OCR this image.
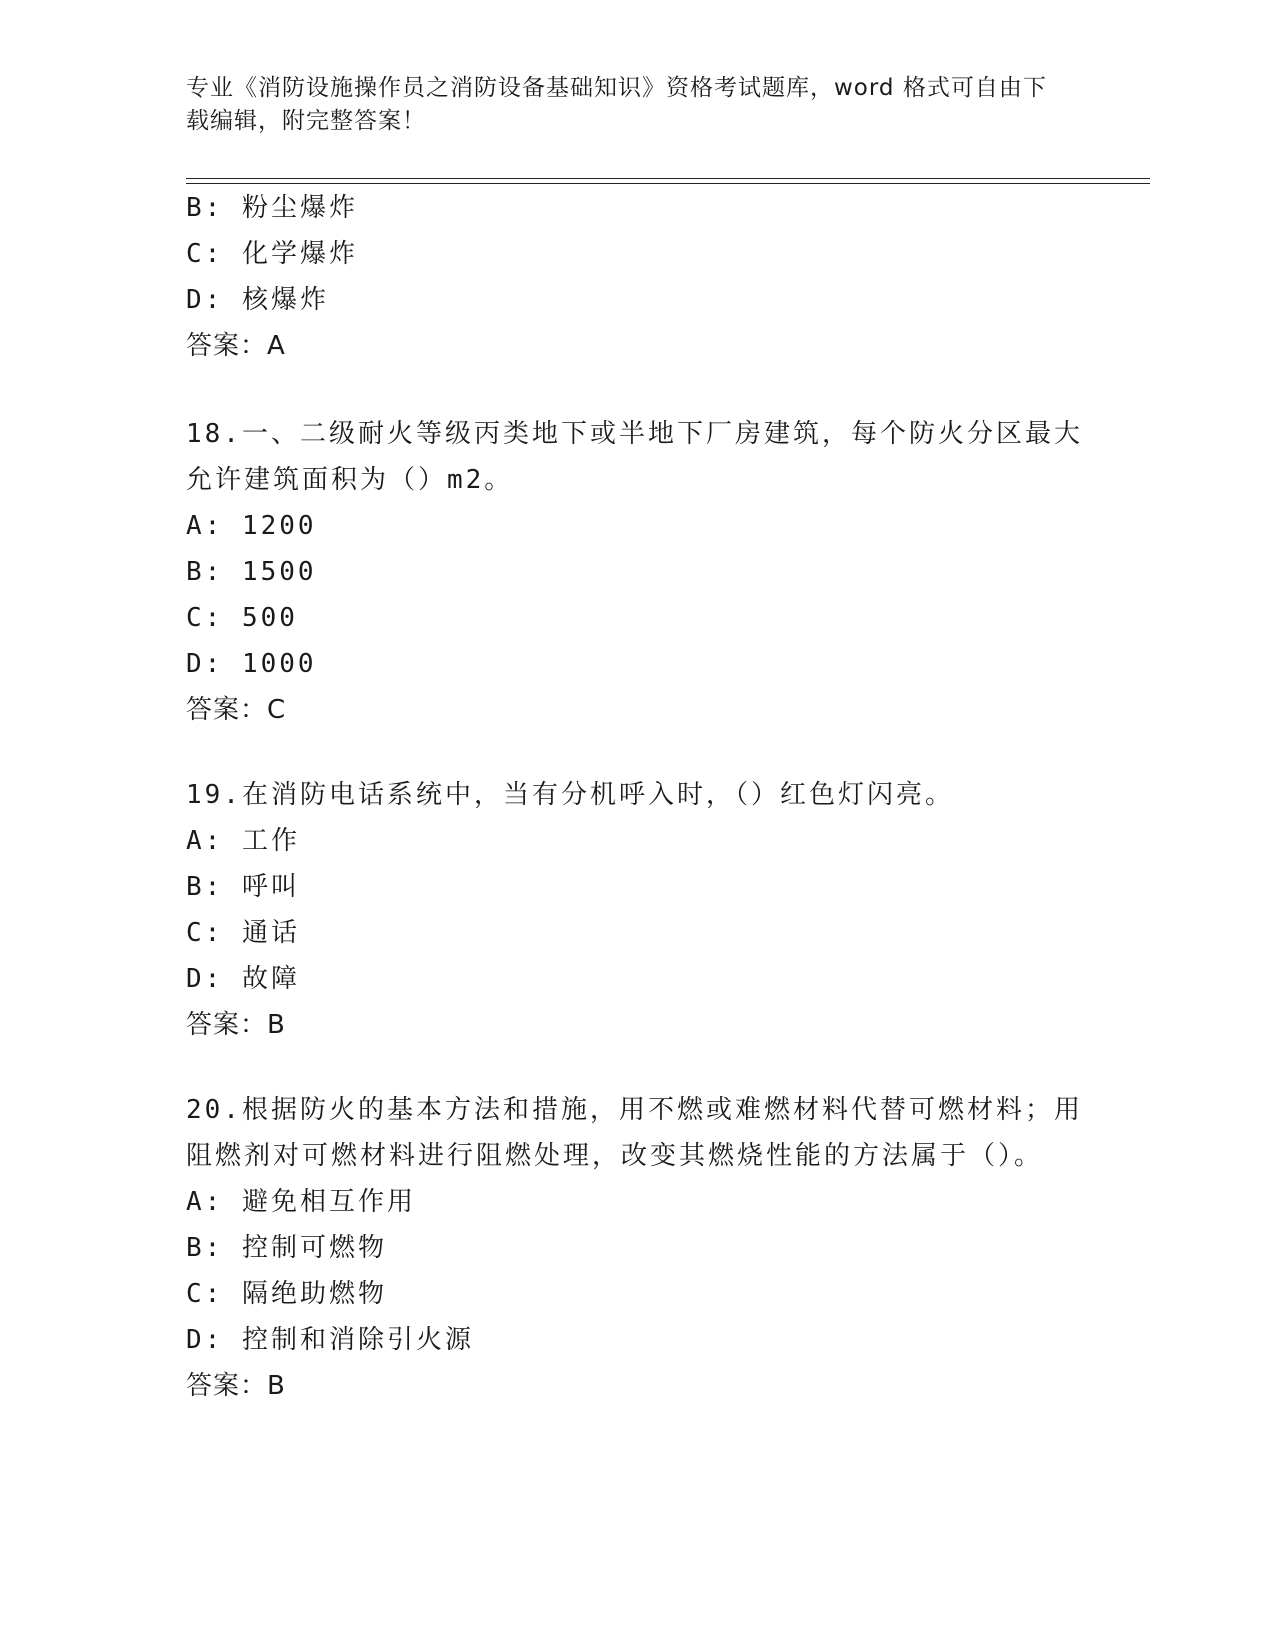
专业《消防设施操作员之消防设备基础知识》资格考试题库，word 格式可自由下
载编辑，附完整答案！
B: 粉尘爆炸
C: 化学爆炸
D: 核爆炸
答案：A
18.一、二级耐火等级丙类地下或半地下厂房建筑，每个防火分区最大
允许建筑面积为（）m2。
A: 1200
B: 1500
C: 500
D: 1000
答案：C
19.在消防电话系统中，当有分机呼入时，（）红色灯闪亮。
A: 工作
B: 呼叫
C: 通话
D: 故障
答案：B
20.根据防火的基本方法和措施，用不燃或难燃材料代替可燃材料；用
阻燃剂对可燃材料进行阻燃处理，改变其燃烧性能的方法属于（）。
A: 避免相互作用
B: 控制可燃物
C: 隔绝助燃物
D: 控制和消除引火源
答案：B
